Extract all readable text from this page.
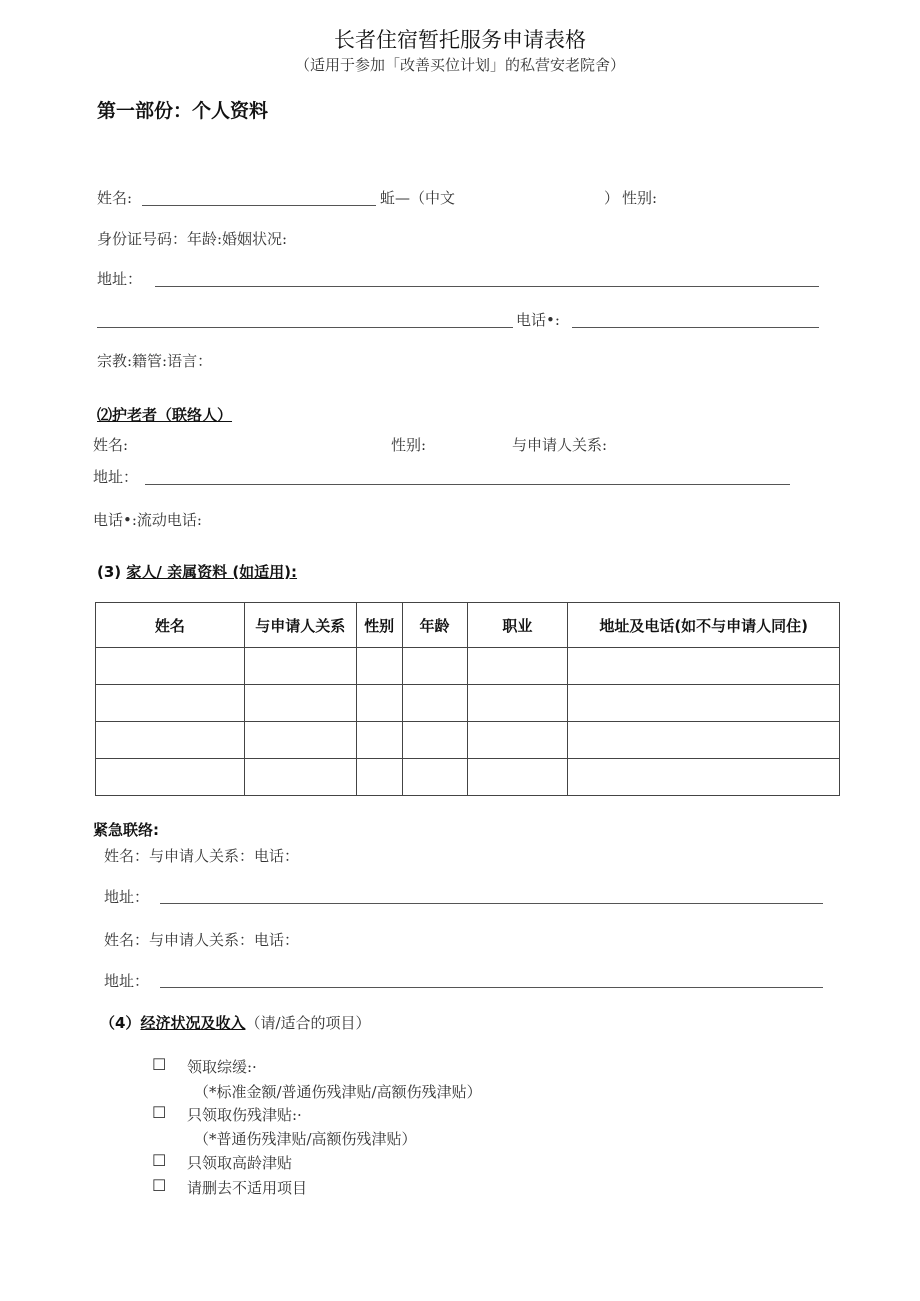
长者住宿暂托服务申请表格
（适用于参加「改善买位计划」的私营安老院舍）
第一部份：个人资料
姓名:	蚯—（中文	） 性别:
身份证号码：年龄:婚姻状况:
地址：
电话•:
宗教:籍管:语言：
⑵护老者（联络人）
姓名:	性别:	与申请人关系:
地址：
电话•:流动电话:
(3) 家人/ 亲属资料 (如适用):
姓名	与申请人关系	性别	年龄	职业	地址及电话(如不与申请人同住)

紧急联络:
姓名：与申请人关系：电话：
地址：
姓名：与申请人关系：电话：
地址：
（4）经济状况及收入（请/适合的项目）
☐ 领取综缓:·
（*标准金额/普通伤残津贴/高额伤残津贴）
☐ 只领取伤残津贴:·
（*普通伤残津贴/高额伤残津贴）
☐ 只领取高龄津贴
☐ 请删去不适用项目
